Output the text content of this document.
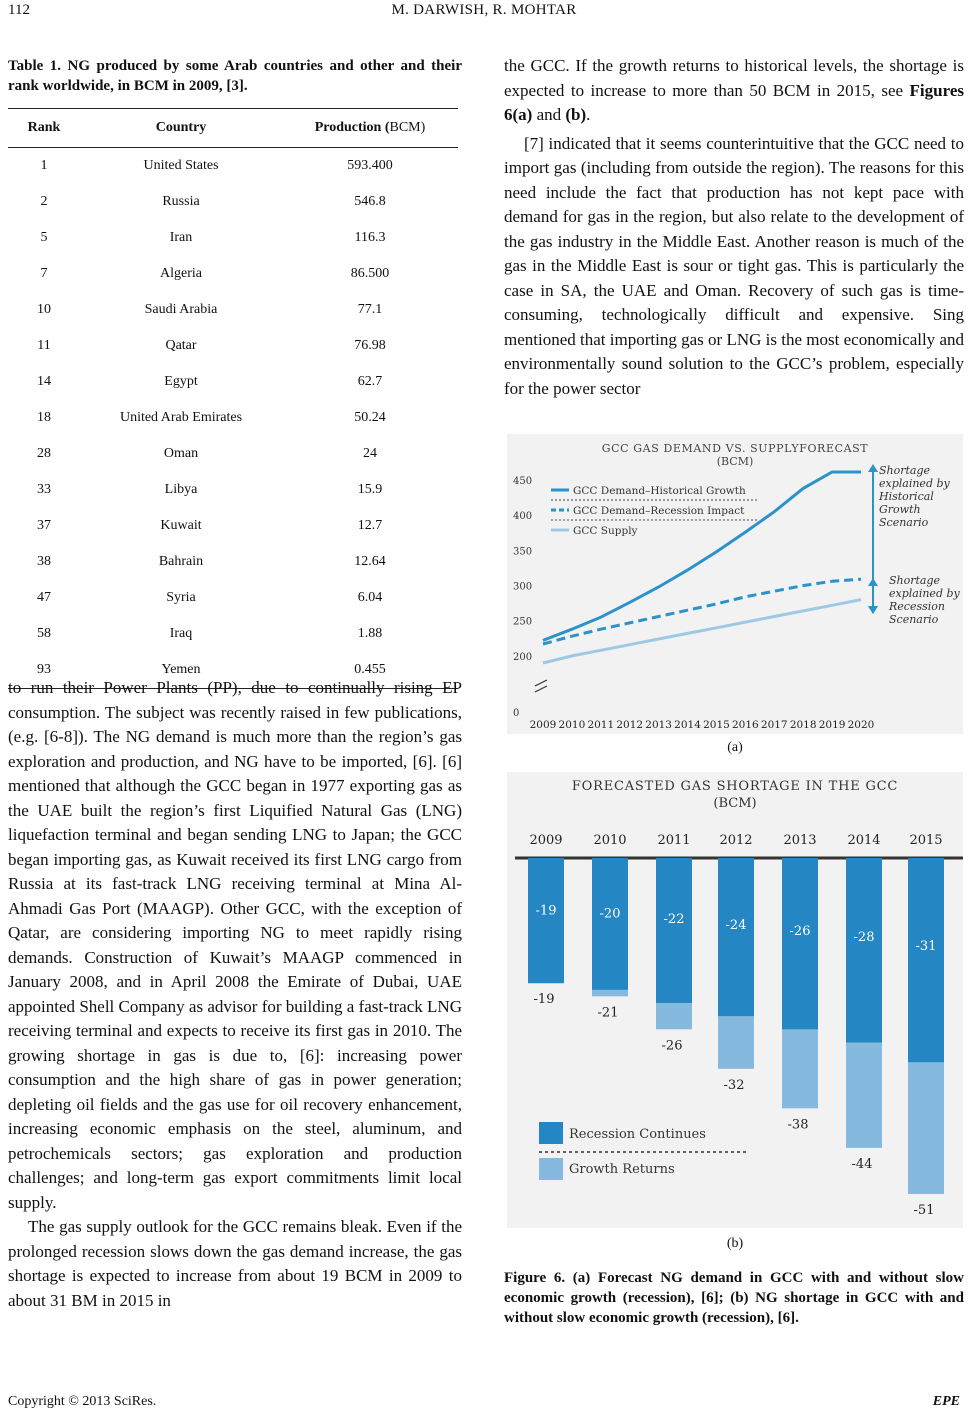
112	M. DARWISH, R. MOHTAR
Table 1. NG produced by some Arab countries and other and their rank worldwide, in BCM in 2009, [3].
Rank	Country	Production (BCM)
1	United States	593.400
2	Russia	546.8
5	Iran	116.3
7	Algeria	86.500
10	Saudi Arabia	77.1
11	Qatar	76.98
14	Egypt	62.7
18	United Arab Emirates	50.24
28	Oman	24
33	Libya	15.9
37	Kuwait	12.7
38	Bahrain	12.64
47	Syria	6.04
58	Iraq	1.88
93	Yemen	0.455
to run their Power Plants (PP), due to continually rising EP consumption. The subject was recently raised in few publications, (e.g. [6-8]). The NG demand is much more than the region’s gas exploration and production, and NG have to be imported, [6]. [6] mentioned that although the GCC began in 1977 exporting gas as the UAE built the region’s first Liquified Natural Gas (LNG) liquefaction terminal and began sending LNG to Japan; the GCC began importing gas, as Kuwait received its first LNG cargo from Russia at its fast-track LNG receiving terminal at Mina Al-Ahmadi Gas Port (MAAGP). Other GCC, with the exception of Qatar, are considering importing NG to meet rapidly rising demands. Construction of Kuwait’s MAAGP commenced in January 2008, and in April 2008 the Emirate of Dubai, UAE appointed Shell Company as advisor for building a fast-track LNG receiving terminal and expects to receive its first gas in 2010. The growing shortage in gas is due to, [6]: increasing power consumption and the high share of gas in power generation; depleting oil fields and the gas use for oil recovery enhancement, increasing economic emphasis on the steel, aluminum, and petrochemicals sectors; gas exploration and production challenges; and long-term gas export commitments limit local supply.
The gas supply outlook for the GCC remains bleak. Even if the prolonged recession slows down the gas demand increase, the gas shortage is expected to increase from about 19 BCM in 2009 to about 31 BM in 2015 in
the GCC. If the growth returns to historical levels, the shortage is expected to increase to more than 50 BCM in 2015, see Figures 6(a) and (b).
[7] indicated that it seems counterintuitive that the GCC need to import gas (including from outside the region). The reasons for this need include the fact that production has not kept pace with demand for gas in the region, but also relate to the development of the gas industry in the Middle East. Another reason is much of the gas in the Middle East is sour or tight gas. This is particularly the case in SA, the UAE and Oman. Recovery of such gas is time-consuming, technologically difficult and expensive. Sing mentioned that importing gas or LNG is the most economically and environmentally sound solution to the GCC’s problem, especially for the power sector
GCC GAS DEMAND VS. SUPPLYFORECAST
(BCM)
200
250
300
350
400
450
0
GCC Demand–Historical Growth
GCC Demand–Recession Impact
GCC Supply
2009 2010 2011 2012 2013 2014 2015 2016 2017 2018 2019 2020
Shortage explained by Historical Growth Scenario
Shortage explained by Recession Scenario
(a)
FORECASTED GAS SHORTAGE IN THE GCC
(BCM)
2009 2010 2011 2012 2013 2014 2015
-19
-19
-20
-21
-22
-26
-24
-32
-26
-38
-28
-44
-31
-51
Recession Continues
Growth Returns
(b)
Figure 6. (a) Forecast NG demand in GCC with and without slow economic growth (recession), [6]; (b) NG shortage in GCC with and without slow economic growth (recession), [6].
Copyright © 2013 SciRes.	EPE
